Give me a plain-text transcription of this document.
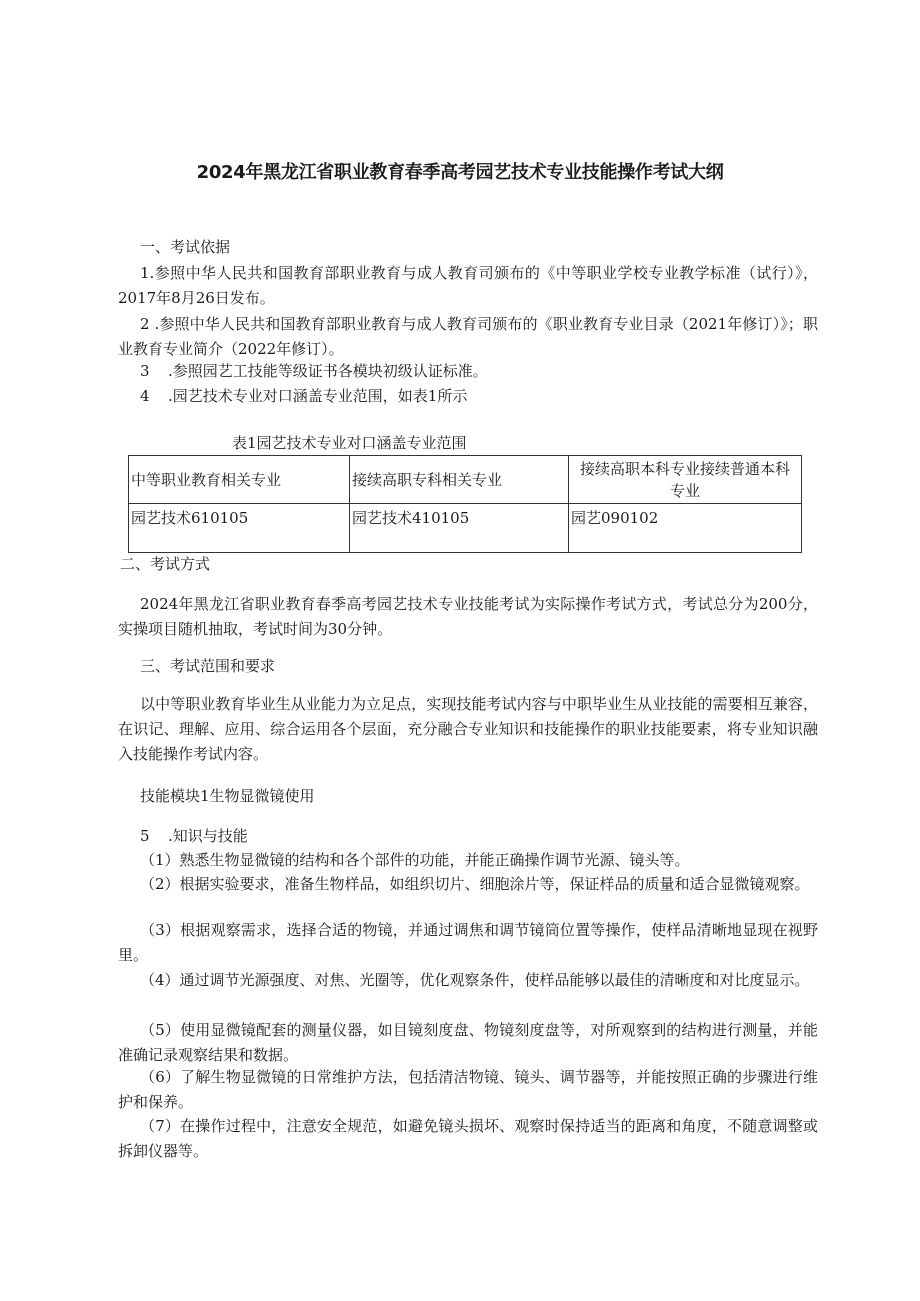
2024年黑龙江省职业教育春季高考园艺技术专业技能操作考试大纲
一、考试依据
1.参照中华人民共和国教育部职业教育与成人教育司颁布的《中等职业学校专业教学标准（试行）》，2017年8月26日发布。
2 .参照中华人民共和国教育部职业教育与成人教育司颁布的《职业教育专业目录（2021年修订）》；职业教育专业简介（2022年修订）。
3 .参照园艺工技能等级证书各模块初级认证标准。
4 .园艺技术专业对口涵盖专业范围，如表1所示
表1园艺技术专业对口涵盖专业范围
中等职业教育相关专业	接续高职专科相关专业	接续高职本科专业接续普通本科专业
园艺技术610105	园艺技术410105	园艺090102
二、考试方式
2024年黑龙江省职业教育春季高考园艺技术专业技能考试为实际操作考试方式，考试总分为200分，实操项目随机抽取，考试时间为30分钟。
三、考试范围和要求
以中等职业教育毕业生从业能力为立足点，实现技能考试内容与中职毕业生从业技能的需要相互兼容，在识记、理解、应用、综合运用各个层面，充分融合专业知识和技能操作的职业技能要素，将专业知识融入技能操作考试内容。
技能模块1生物显微镜使用
5 .知识与技能
（1）熟悉生物显微镜的结构和各个部件的功能，并能正确操作调节光源、镜头等。
（2）根据实验要求，准备生物样品，如组织切片、细胞涂片等，保证样品的质量和适合显微镜观察。
（3）根据观察需求，选择合适的物镜，并通过调焦和调节镜筒位置等操作，使样品清晰地显现在视野里。
（4）通过调节光源强度、对焦、光圈等，优化观察条件，使样品能够以最佳的清晰度和对比度显示。
（5）使用显微镜配套的测量仪器，如目镜刻度盘、物镜刻度盘等，对所观察到的结构进行测量，并能准确记录观察结果和数据。
（6）了解生物显微镜的日常维护方法，包括清洁物镜、镜头、调节器等，并能按照正确的步骤进行维护和保养。
（7）在操作过程中，注意安全规范，如避免镜头损坏、观察时保持适当的距离和角度，不随意调整或拆卸仪器等。
